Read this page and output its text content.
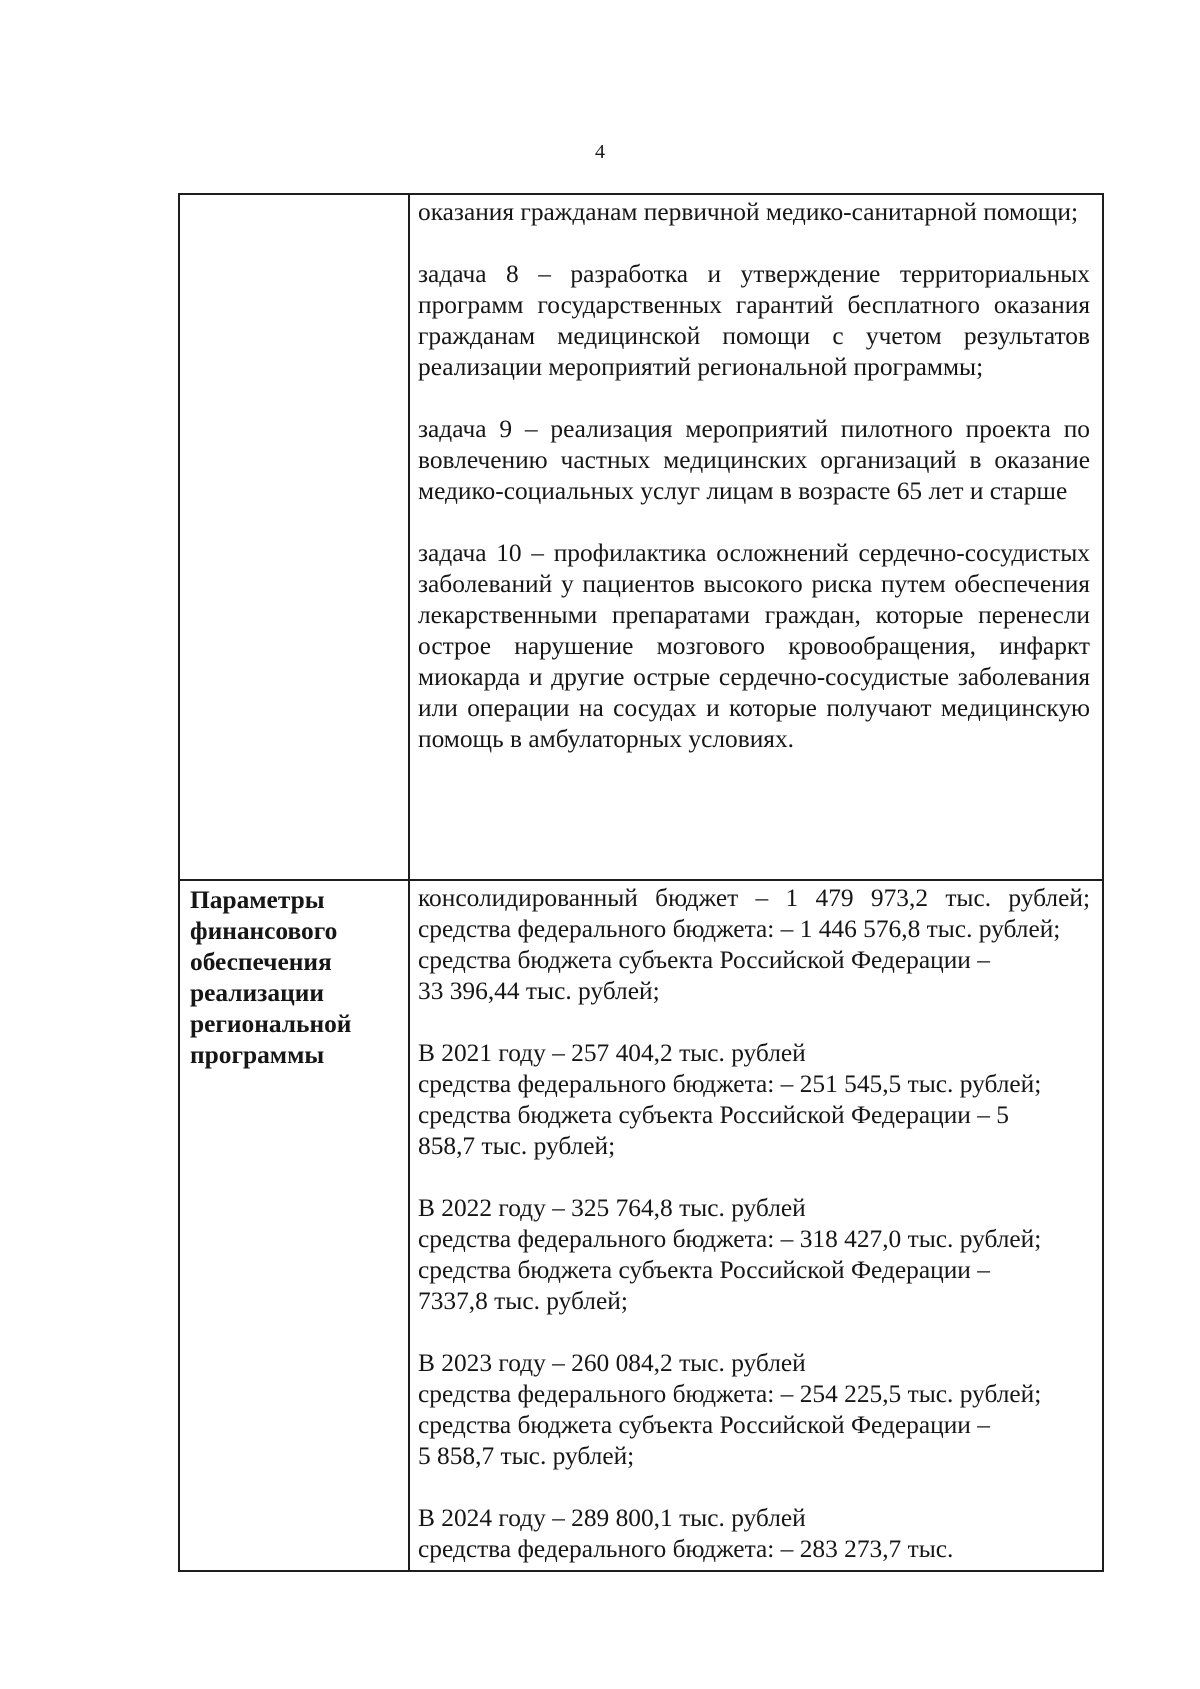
4

оказания гражданам первичной медико-санитарной помощи;

задача 8 – разработка и утверждение территориальных программ государственных гарантий бесплатного оказания гражданам медицинской помощи с учетом результатов реализации мероприятий региональной программы;

задача 9 – реализация мероприятий пилотного проекта по вовлечению частных медицинских организаций в оказание медико-социальных услуг лицам в возрасте 65 лет и старше

задача 10 – профилактика осложнений сердечно-сосудистых заболеваний у пациентов высокого риска путем обеспечения лекарственными препаратами граждан, которые перенесли острое нарушение мозгового кровообращения, инфаркт миокарда и другие острые сердечно-сосудистые заболевания или операции на сосудах и которые получают медицинскую помощь в амбулаторных условиях.

Параметры
финансового
обеспечения
реализации
региональной
программы

консолидированный бюджет – 1 479 973,2 тыс. рублей;
средства федерального бюджета: – 1 446 576,8 тыс. рублей;
средства бюджета субъекта Российской Федерации –
33 396,44 тыс. рублей;

В 2021 году – 257 404,2 тыс. рублей
средства федерального бюджета: – 251 545,5 тыс. рублей;
средства бюджета субъекта Российской Федерации – 5
858,7 тыс. рублей;

В 2022 году – 325 764,8 тыс. рублей
средства федерального бюджета: – 318 427,0 тыс. рублей;
средства бюджета субъекта Российской Федерации –
7337,8 тыс. рублей;

В 2023 году – 260 084,2 тыс. рублей
средства федерального бюджета: – 254 225,5 тыс. рублей;
средства бюджета субъекта Российской Федерации –
5 858,7 тыс. рублей;

В 2024 году – 289 800,1 тыс. рублей
средства федерального бюджета: – 283 273,7 тыс.
